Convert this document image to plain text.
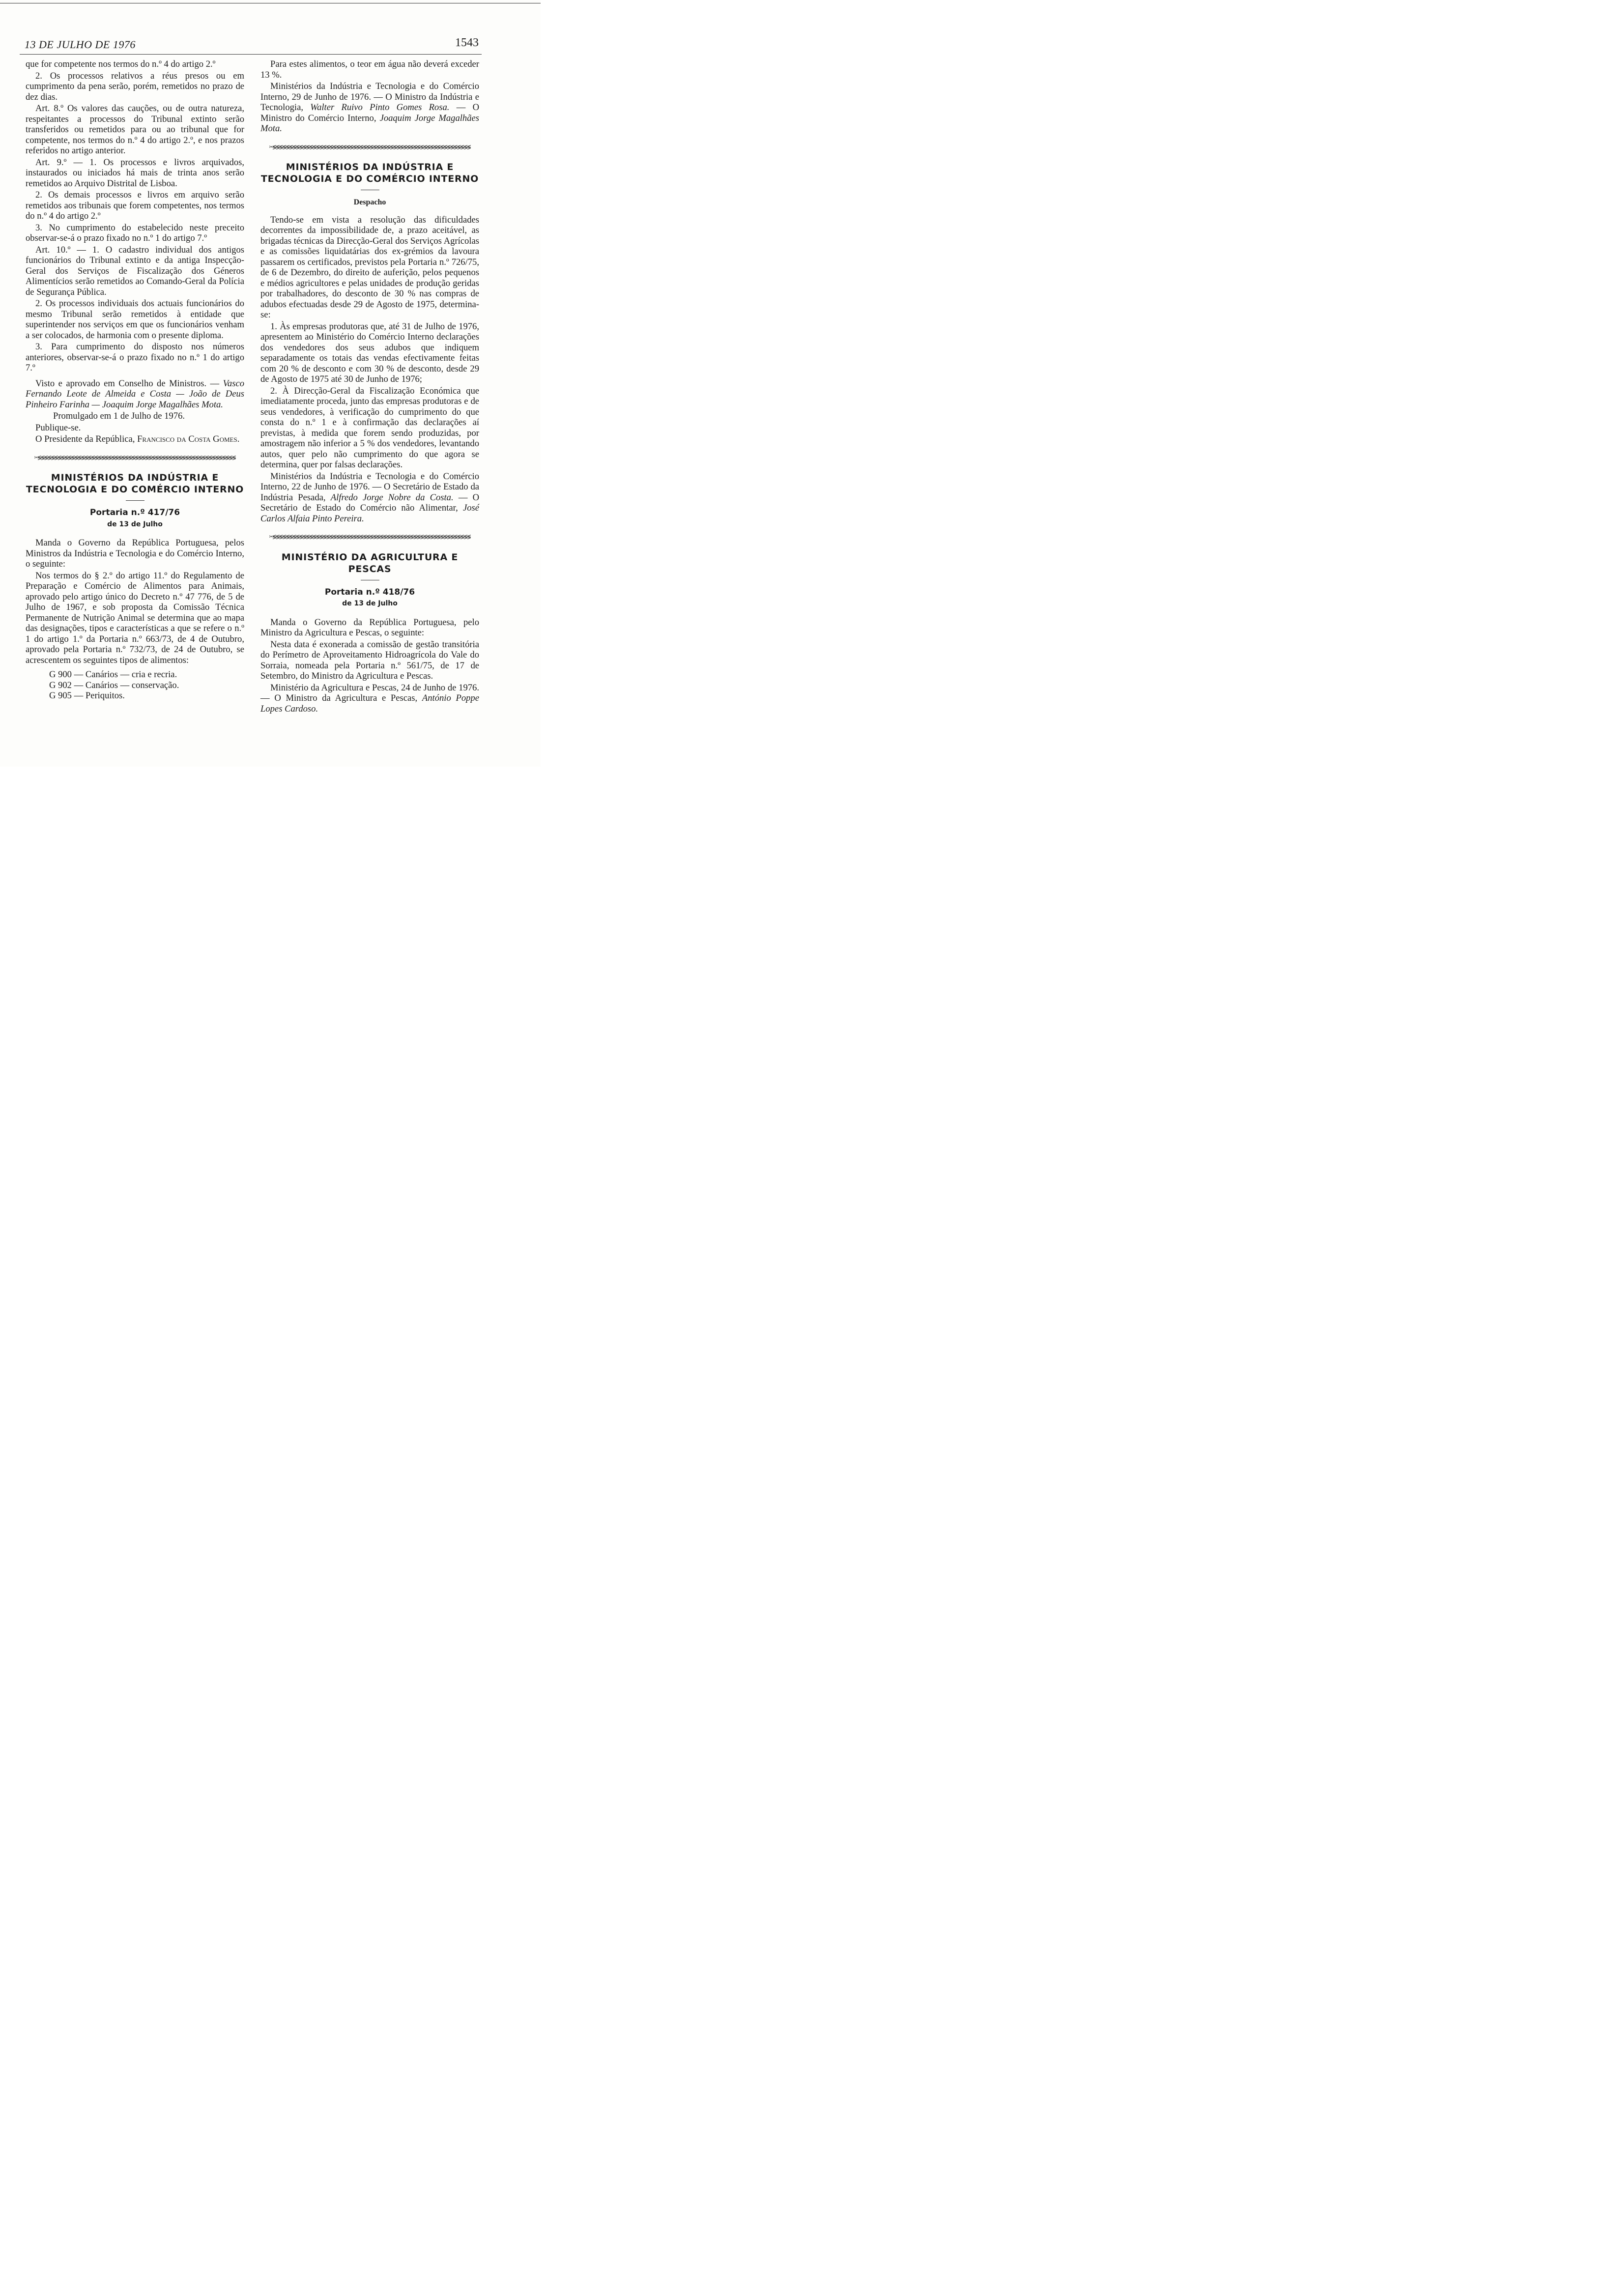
13 DE JULHO DE 1976	1543

que for competente nos termos do n.º 4 do artigo 2.º

2. Os processos relativos a réus presos ou em cumprimento da pena serão, porém, remetidos no prazo de dez dias.

Art. 8.º Os valores das cauções, ou de outra natureza, respeitantes a processos do Tribunal extinto serão transferidos ou remetidos para ou ao tribunal que for competente, nos termos do n.º 4 do artigo 2.º, e nos prazos referidos no artigo anterior.

Art. 9.º — 1. Os processos e livros arquivados, instaurados ou iniciados há mais de trinta anos serão remetidos ao Arquivo Distrital de Lisboa.

2. Os demais processos e livros em arquivo serão remetidos aos tribunais que forem competentes, nos termos do n.º 4 do artigo 2.º

3. No cumprimento do estabelecido neste preceito observar-se-á o prazo fixado no n.º 1 do artigo 7.º

Art. 10.º — 1. O cadastro individual dos antigos funcionários do Tribunal extinto e da antiga Inspecção-Geral dos Serviços de Fiscalização dos Géneros Alimentícios serão remetidos ao Comando-Geral da Polícia de Segurança Pública.

2. Os processos individuais dos actuais funcionários do mesmo Tribunal serão remetidos à entidade que superintender nos serviços em que os funcionários venham a ser colocados, de harmonia com o presente diploma.

3. Para cumprimento do disposto nos números anteriores, observar-se-á o prazo fixado no n.º 1 do artigo 7.º

Visto e aprovado em Conselho de Ministros. — Vasco Fernando Leote de Almeida e Costa — João de Deus Pinheiro Farinha — Joaquim Jorge Magalhães Mota.

Promulgado em 1 de Julho de 1976.

Publique-se.

O Presidente da República, Francisco da Costa Gomes.

✂≶≶≶≶≶≶≶≶≶≶≶≶≶≶≶≶≶≶≶≶≶≶≶≶≶≶≶≶≶≶≶≶≶≶≶≶≶≶≶≶≶≶≶≶≶≶≶≶≶≶≶≶≶≶≶≶≶≶≶
MINISTÉRIOS DA INDÚSTRIA E TECNOLOGIA E DO COMÉRCIO INTERNO
Portaria n.º 417/76
de 13 de Julho

Manda o Governo da República Portuguesa, pelos Ministros da Indústria e Tecnologia e do Comércio Interno, o seguinte:

Nos termos do § 2.º do artigo 11.º do Regulamento de Preparação e Comércio de Alimentos para Animais, aprovado pelo artigo único do Decreto n.º 47 776, de 5 de Julho de 1967, e sob proposta da Comissão Técnica Permanente de Nutrição Animal se determina que ao mapa das designações, tipos e características a que se refere o n.º 1 do artigo 1.º da Portaria n.º 663/73, de 4 de Outubro, aprovado pela Portaria n.º 732/73, de 24 de Outubro, se acrescentem os seguintes tipos de alimentos:

G 900 — Canários — cria e recria.
G 902 — Canários — conservação.
G 905 — Periquitos.

Para estes alimentos, o teor em água não deverá exceder 13 %.

Ministérios da Indústria e Tecnologia e do Comércio Interno, 29 de Junho de 1976. — O Ministro da Indústria e Tecnologia, Walter Ruivo Pinto Gomes Rosa. — O Ministro do Comércio Interno, Joaquim Jorge Magalhães Mota.

✂≶≶≶≶≶≶≶≶≶≶≶≶≶≶≶≶≶≶≶≶≶≶≶≶≶≶≶≶≶≶≶≶≶≶≶≶≶≶≶≶≶≶≶≶≶≶≶≶≶≶≶≶≶≶≶≶≶≶≶
MINISTÉRIOS DA INDÚSTRIA E TECNOLOGIA E DO COMÉRCIO INTERNO
Despacho

Tendo-se em vista a resolução das dificuldades decorrentes da impossibilidade de, a prazo aceitável, as brigadas técnicas da Direcção-Geral dos Serviços Agrícolas e as comissões liquidatárias dos ex-grémios da lavoura passarem os certificados, previstos pela Portaria n.º 726/75, de 6 de Dezembro, do direito de auferição, pelos pequenos e médios agricultores e pelas unidades de produção geridas por trabalhadores, do desconto de 30 % nas compras de adubos efectuadas desde 29 de Agosto de 1975, determina-se:

1. Às empresas produtoras que, até 31 de Julho de 1976, apresentem ao Ministério do Comércio Interno declarações dos vendedores dos seus adubos que indiquem separadamente os totais das vendas efectivamente feitas com 20 % de desconto e com 30 % de desconto, desde 29 de Agosto de 1975 até 30 de Junho de 1976;

2. À Direcção-Geral da Fiscalização Económica que imediatamente proceda, junto das empresas produtoras e de seus vendedores, à verificação do cumprimento do que consta do n.º 1 e à confirmação das declarações aí previstas, à medida que forem sendo produzidas, por amostragem não inferior a 5 % dos vendedores, levantando autos, quer pelo não cumprimento do que agora se determina, quer por falsas declarações.

Ministérios da Indústria e Tecnologia e do Comércio Interno, 22 de Junho de 1976. — O Secretário de Estado da Indústria Pesada, Alfredo Jorge Nobre da Costa. — O Secretário de Estado do Comércio não Alimentar, José Carlos Alfaia Pinto Pereira.

✂≶≶≶≶≶≶≶≶≶≶≶≶≶≶≶≶≶≶≶≶≶≶≶≶≶≶≶≶≶≶≶≶≶≶≶≶≶≶≶≶≶≶≶≶≶≶≶≶≶≶≶≶≶≶≶≶≶≶≶
MINISTÉRIO DA AGRICULTURA E PESCAS
Portaria n.º 418/76
de 13 de Julho

Manda o Governo da República Portuguesa, pelo Ministro da Agricultura e Pescas, o seguinte:

Nesta data é exonerada a comissão de gestão transitória do Perímetro de Aproveitamento Hidroagrícola do Vale do Sorraia, nomeada pela Portaria n.º 561/75, de 17 de Setembro, do Ministro da Agricultura e Pescas.

Ministério da Agricultura e Pescas, 24 de Junho de 1976. — O Ministro da Agricultura e Pescas, António Poppe Lopes Cardoso.
